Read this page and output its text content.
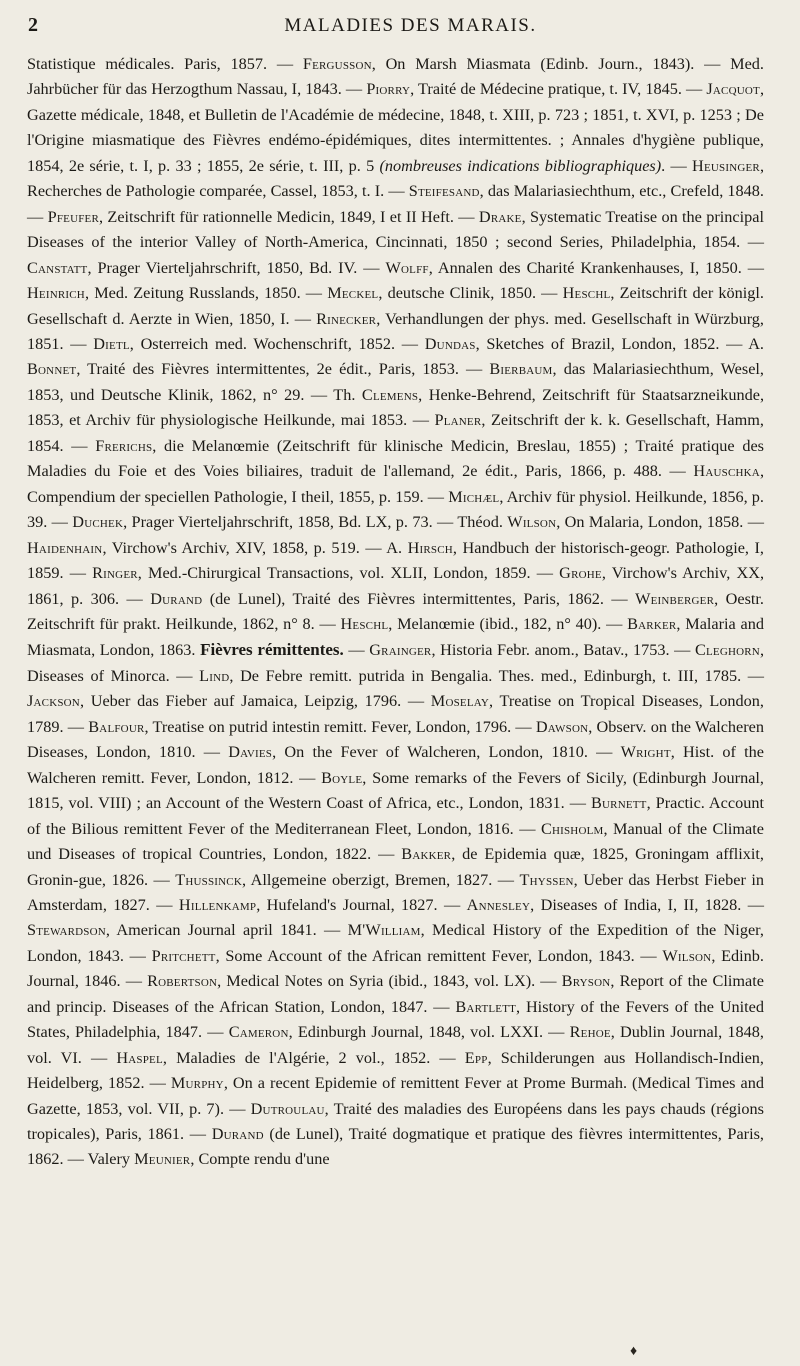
2	MALADIES DES MARAIS.
Statistique médicales. Paris, 1857. — Fergusson, On Marsh Miasmata (Edinb. Journ., 1843). — Med. Jahrbücher für das Herzogthum Nassau, I, 1843. — Piorry, Traité de Médecine pratique, t. IV, 1845. — Jacquot, Gazette médicale, 1848, et Bulletin de l'Académie de médecine, 1848, t. XIII, p. 723 ; 1851, t. XVI, p. 1253 ; De l'Origine miasmatique des Fièvres endémo-épidémiques, dites intermittentes. ; Annales d'hygiène publique, 1854, 2e série, t. I, p. 33 ; 1855, 2e série, t. III, p. 5 (nombreuses indications bibliographiques). — Heusinger, Recherches de Pathologie comparée, Cassel, 1853, t. I. — Steifesand, das Malariasiechthum, etc., Crefeld, 1848. — Pfeufer, Zeitschrift für rationnelle Medicin, 1849, I et II Heft. — Drake, Systematic Treatise on the principal Diseases of the interior Valley of North-America, Cincinnati, 1850 ; second Series, Philadelphia, 1854. — Canstatt, Prager Vierteljahrschrift, 1850, Bd. IV. — Wolff, Annalen des Charité Krankenhauses, I, 1850. — Heinrich, Med. Zeitung Russlands, 1850. — Meckel, deutsche Clinik, 1850. — Heschl, Zeitschrift der königl. Gesellschaft d. Aerzte in Wien, 1850, I. — Rinecker, Verhandlungen der phys. med. Gesellschaft in Würzburg, 1851. — Dietl, Osterreich med. Wochenschrift, 1852. — Dundas, Sketches of Brazil, London, 1852. — A. Bonnet, Traité des Fièvres intermittentes, 2e édit., Paris, 1853. — Bierbaum, das Malariasiechthum, Wesel, 1853, und Deutsche Klinik, 1862, n° 29. — Th. Clemens, Henke-Behrend, Zeitschrift für Staatsarzneikunde, 1853, et Archiv für physiologische Heilkunde, mai 1853. — Planer, Zeitschrift der k. k. Gesellschaft, Hamm, 1854. — Frerichs, die Melanœmie (Zeitschrift für klinische Medicin, Breslau, 1855) ; Traité pratique des Maladies du Foie et des Voies biliaires, traduit de l'allemand, 2e édit., Paris, 1866, p. 488. — Hauschka, Compendium der speciellen Pathologie, I theil, 1855, p. 159. — Michæl, Archiv für physiol. Heilkunde, 1856, p. 39. — Duchek, Prager Vierteljahrschrift, 1858, Bd. LX, p. 73. — Théod. Wilson, On Malaria, London, 1858. — Haidenhain, Virchow's Archiv, XIV, 1858, p. 519. — A. Hirsch, Handbuch der historisch-geogr. Pathologie, I, 1859. — Ringer, Med.-Chirurgical Transactions, vol. XLII, London, 1859. — Grohe, Virchow's Archiv, XX, 1861, p. 306. — Durand (de Lunel), Traité des Fièvres intermittentes, Paris, 1862. — Weinberger, Oestr. Zeitschrift für prakt. Heilkunde, 1862, n° 8. — Heschl, Melanœmie (ibid., 182, n° 40). — Barker, Malaria and Miasmata, London, 1863. Fièvres rémittentes. — Grainger, Historia Febr. anom., Batav., 1753. — Cleghorn, Diseases of Minorca. — Lind, De Febre remitt. putrida in Bengalia. Thes. med., Edinburgh, t. III, 1785. — Jackson, Ueber das Fieber auf Jamaica, Leipzig, 1796. — Moselay, Treatise on Tropical Diseases, London, 1789. — Balfour, Treatise on putrid intestin remitt. Fever, London, 1796. — Dawson, Observ. on the Walcheren Diseases, London, 1810. — Davies, On the Fever of Walcheren, London, 1810. — Wright, Hist. of the Walcheren remitt. Fever, London, 1812. — Boyle, Some remarks of the Fevers of Sicily, (Edinburgh Journal, 1815, vol. VIII) ; an Account of the Western Coast of Africa, etc., London, 1831. — Burnett, Practic. Account of the Bilious remittent Fever of the Mediterranean Fleet, London, 1816. — Chisholm, Manual of the Climate und Diseases of tropical Countries, London, 1822. — Bakker, de Epidemia quæ, 1825, Groningam afflixit, Gronin-gue, 1826. — Thussinck, Allgemeine oberzigt, Bremen, 1827. — Thyssen, Ueber das Herbst Fieber in Amsterdam, 1827. — Hillenkamp, Hufeland's Journal, 1827. — Annesley, Diseases of India, I, II, 1828. — Stewardson, American Journal april 1841. — M'William, Medical History of the Expedition of the Niger, London, 1843. — Pritchett, Some Account of the African remittent Fever, London, 1843. — Wilson, Edinb. Journal, 1846. — Robertson, Medical Notes on Syria (ibid., 1843, vol. LX). — Bryson, Report of the Climate and princip. Diseases of the African Station, London, 1847. — Bartlett, History of the Fevers of the United States, Philadelphia, 1847. — Cameron, Edinburgh Journal, 1848, vol. LXXI. — Rehoe, Dublin Journal, 1848, vol. VI. — Haspel, Maladies de l'Algérie, 2 vol., 1852. — Epp, Schilderungen aus Hollandisch-Indien, Heidelberg, 1852. — Murphy, On a recent Epidemie of remittent Fever at Prome Burmah. (Medical Times and Gazette, 1853, vol. VII, p. 7). — Dutroulau, Traité des maladies des Européens dans les pays chauds (régions tropicales), Paris, 1861. — Durand (de Lunel), Traité dogmatique et pratique des fièvres intermittentes, Paris, 1862. — Valery Meunier, Compte rendu d'une
♦
